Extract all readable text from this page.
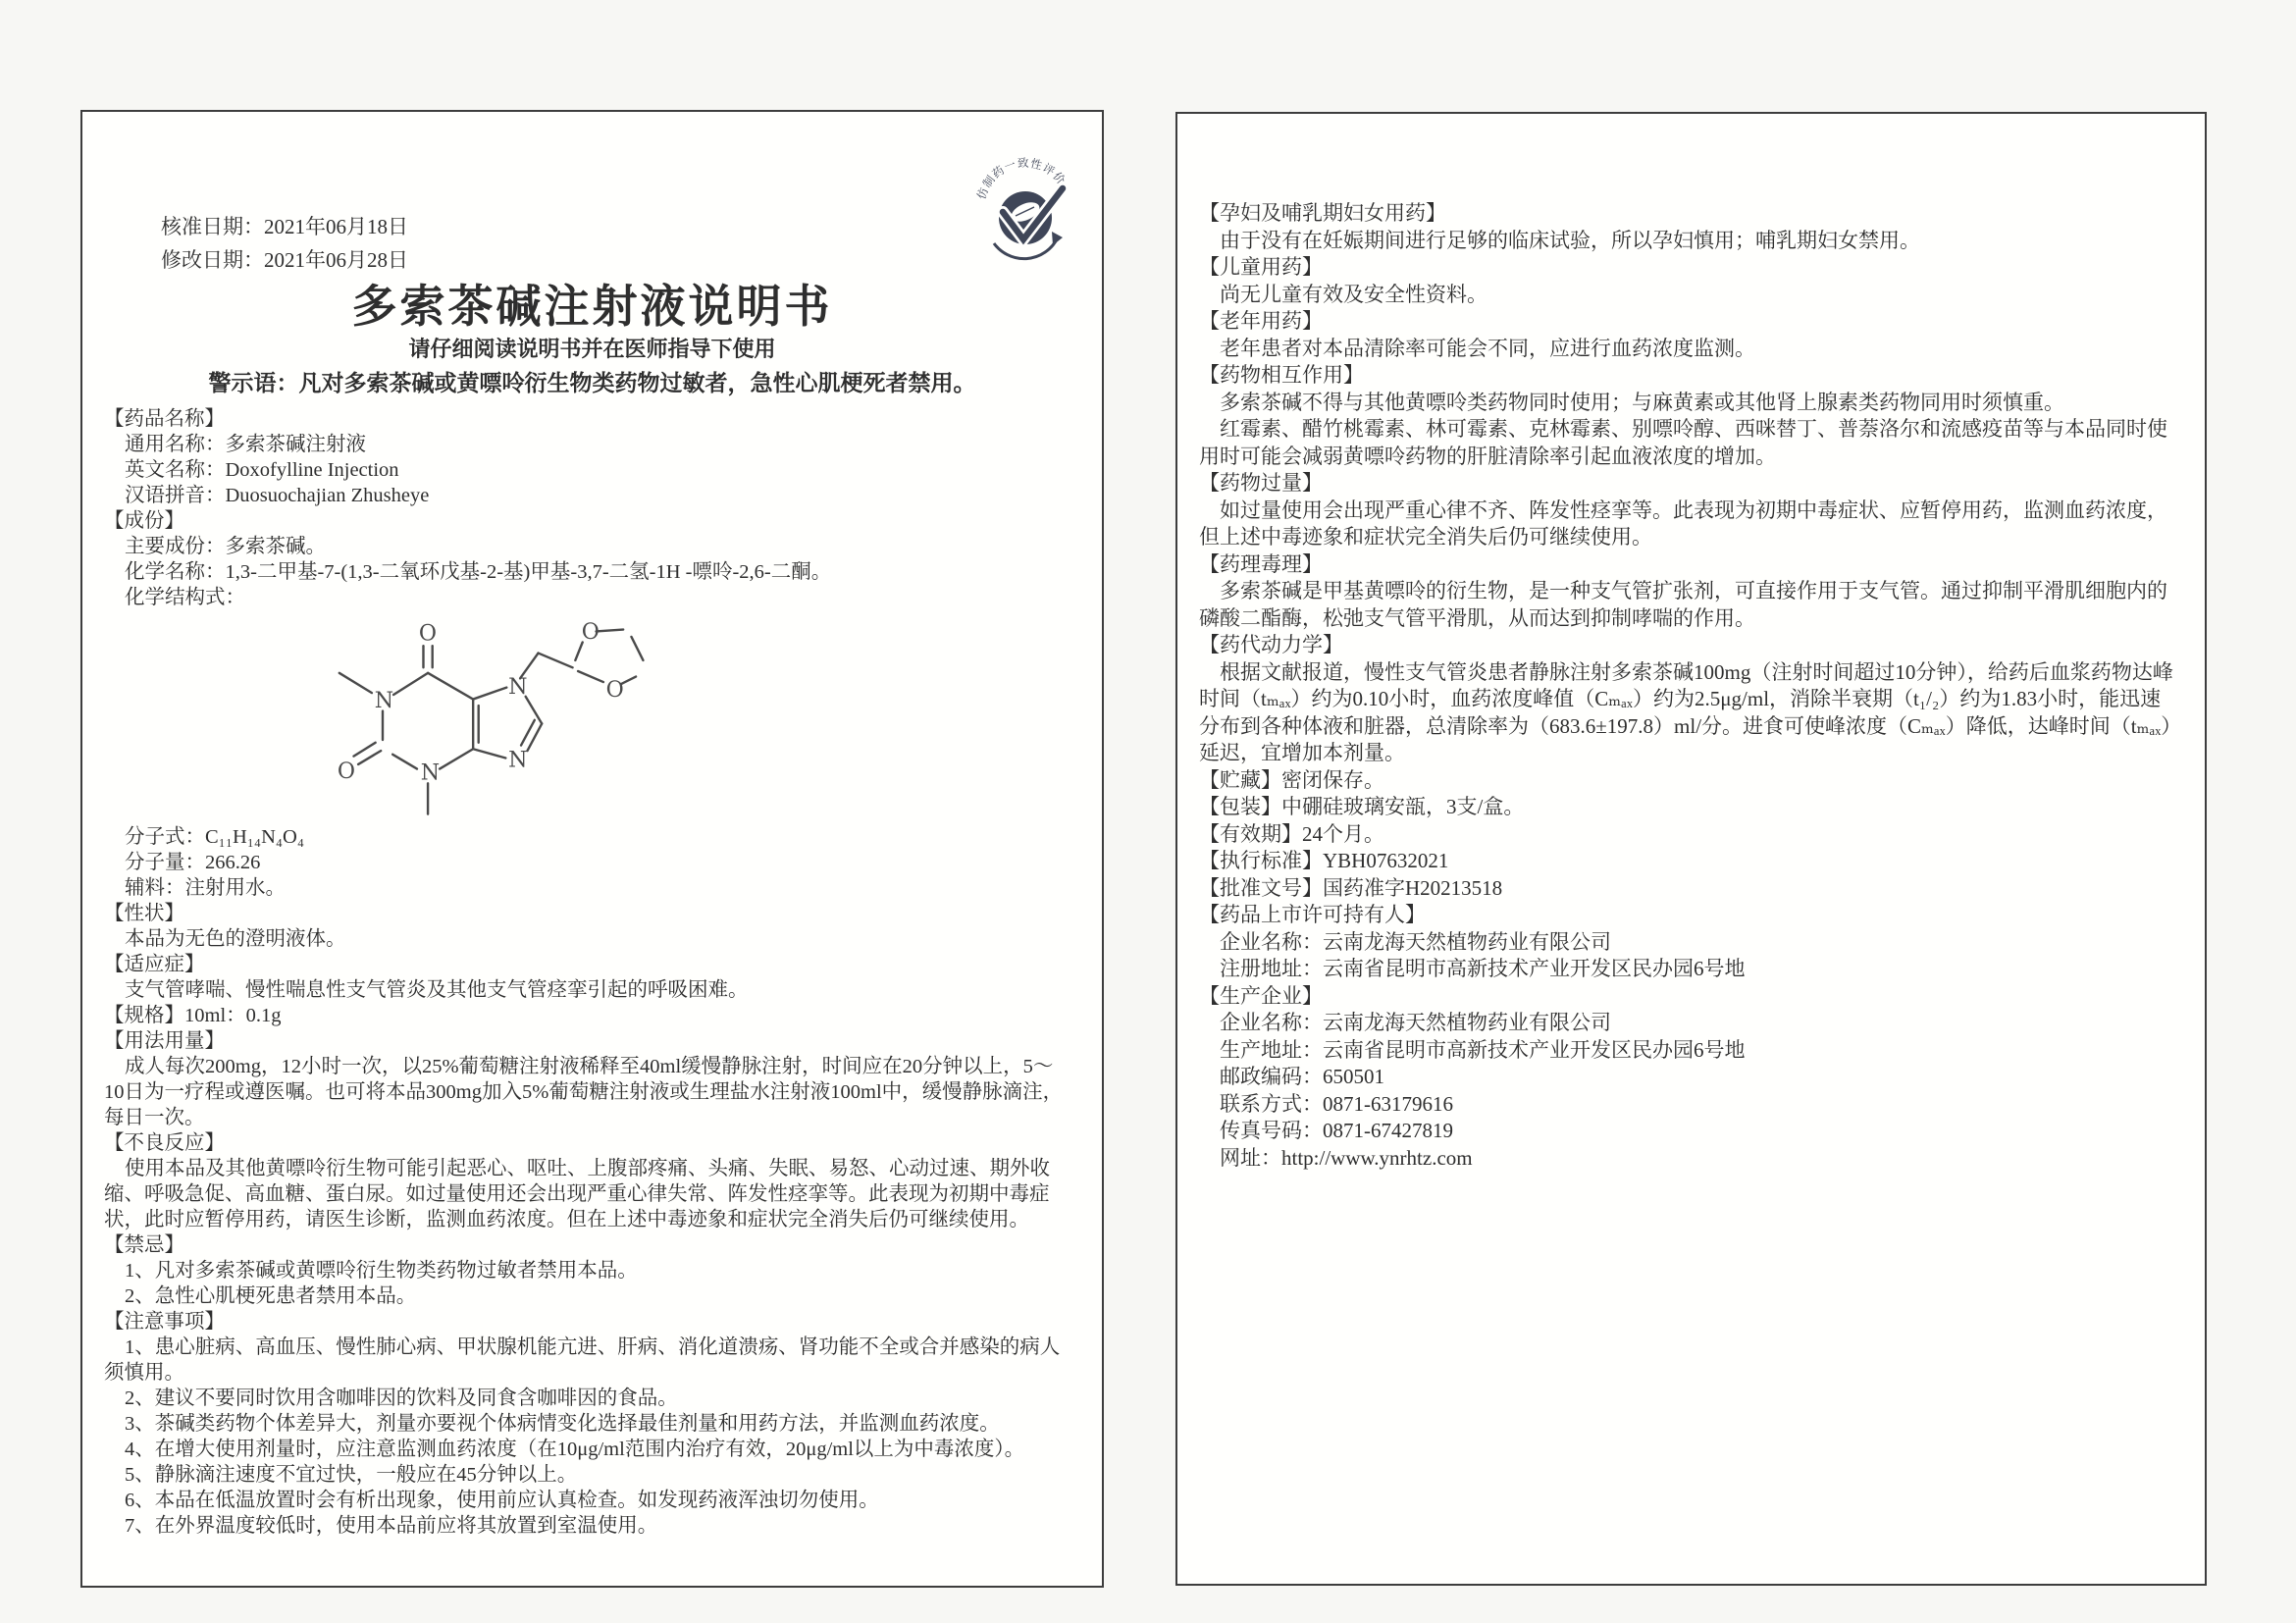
核准日期：2021年06月18日
修改日期：2021年06月28日
仿制药一致性评价
多索茶碱注射液说明书
请仔细阅读说明书并在医师指导下使用
警示语：凡对多索茶碱或黄嘌呤衍生物类药物过敏者，急性心肌梗死者禁用。
【药品名称】
通用名称：多索茶碱注射液
英文名称：Doxofylline Injection
汉语拼音：Duosuochajian Zhusheye
【成份】
主要成份：多索茶碱。
化学名称：1,3-二甲基-7-(1,3-二氧环戊基-2-基)甲基-3,7-二氢-1H -嘌呤-2,6-二酮。
化学结构式：
O
O
N
N
N
N
O
O
分子式：C₁₁H₁₄N₄O₄
分子量：266.26
辅料：注射用水。
【性状】
本品为无色的澄明液体。
【适应症】
支气管哮喘、慢性喘息性支气管炎及其他支气管痉挛引起的呼吸困难。
【规格】10ml：0.1g
【用法用量】
成人每次200mg，12小时一次，以25%葡萄糖注射液稀释至40ml缓慢静脉注射，时间应在20分钟以上，5～10日为一疗程或遵医嘱。也可将本品300mg加入5%葡萄糖注射液或生理盐水注射液100ml中，缓慢静脉滴注，每日一次。
【不良反应】
使用本品及其他黄嘌呤衍生物可能引起恶心、呕吐、上腹部疼痛、头痛、失眠、易怒、心动过速、期外收缩、呼吸急促、高血糖、蛋白尿。如过量使用还会出现严重心律失常、阵发性痉挛等。此表现为初期中毒症状，此时应暂停用药，请医生诊断，监测血药浓度。但在上述中毒迹象和症状完全消失后仍可继续使用。
【禁忌】
1、凡对多索茶碱或黄嘌呤衍生物类药物过敏者禁用本品。
2、急性心肌梗死患者禁用本品。
【注意事项】
1、患心脏病、高血压、慢性肺心病、甲状腺机能亢进、肝病、消化道溃疡、肾功能不全或合并感染的病人须慎用。
2、建议不要同时饮用含咖啡因的饮料及同食含咖啡因的食品。
3、茶碱类药物个体差异大，剂量亦要视个体病情变化选择最佳剂量和用药方法，并监测血药浓度。
4、在增大使用剂量时，应注意监测血药浓度（在10μg/ml范围内治疗有效，20μg/ml以上为中毒浓度）。
5、静脉滴注速度不宜过快，一般应在45分钟以上。
6、本品在低温放置时会有析出现象，使用前应认真检查。如发现药液浑浊切勿使用。
7、在外界温度较低时，使用本品前应将其放置到室温使用。
【孕妇及哺乳期妇女用药】
由于没有在妊娠期间进行足够的临床试验，所以孕妇慎用；哺乳期妇女禁用。
【儿童用药】
尚无儿童有效及安全性资料。
【老年用药】
老年患者对本品清除率可能会不同，应进行血药浓度监测。
【药物相互作用】
多索茶碱不得与其他黄嘌呤类药物同时使用；与麻黄素或其他肾上腺素类药物同用时须慎重。
红霉素、醋竹桃霉素、林可霉素、克林霉素、别嘌呤醇、西咪替丁、普萘洛尔和流感疫苗等与本品同时使用时可能会减弱黄嘌呤药物的肝脏清除率引起血液浓度的增加。
【药物过量】
如过量使用会出现严重心律不齐、阵发性痉挛等。此表现为初期中毒症状、应暂停用药，监测血药浓度，但上述中毒迹象和症状完全消失后仍可继续使用。
【药理毒理】
多索茶碱是甲基黄嘌呤的衍生物，是一种支气管扩张剂，可直接作用于支气管。通过抑制平滑肌细胞内的磷酸二酯酶，松弛支气管平滑肌，从而达到抑制哮喘的作用。
【药代动力学】
根据文献报道，慢性支气管炎患者静脉注射多索茶碱100mg（注射时间超过10分钟），给药后血浆药物达峰时间（tₘₐₓ）约为0.10小时，血药浓度峰值（Cₘₐₓ）约为2.5μg/ml，消除半衰期（t₁/₂）约为1.83小时，能迅速分布到各种体液和脏器，总清除率为（683.6±197.8）ml/分。进食可使峰浓度（Cₘₐₓ）降低，达峰时间（tₘₐₓ）延迟，宜增加本剂量。
【贮藏】密闭保存。
【包装】中硼硅玻璃安瓿，3支/盒。
【有效期】24个月。
【执行标准】YBH07632021
【批准文号】国药准字H20213518
【药品上市许可持有人】
企业名称：云南龙海天然植物药业有限公司
注册地址：云南省昆明市高新技术产业开发区民办园6号地
【生产企业】
企业名称：云南龙海天然植物药业有限公司
生产地址：云南省昆明市高新技术产业开发区民办园6号地
邮政编码：650501
联系方式：0871-63179616
传真号码：0871-67427819
网址：http://www.ynrhtz.com
